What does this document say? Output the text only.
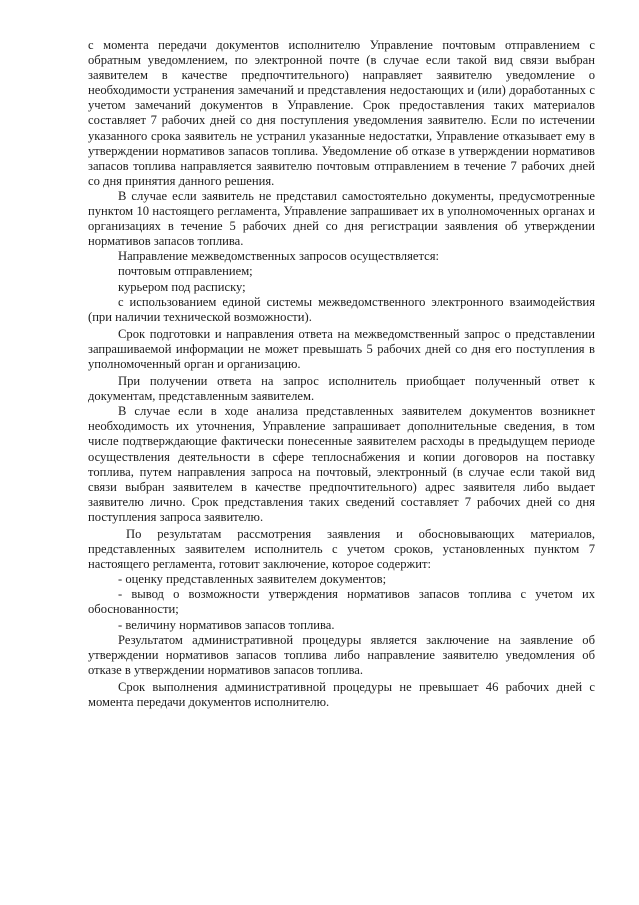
с момента передачи документов исполнителю Управление почтовым отправлением с обратным уведомлением, по электронной почте (в случае если такой вид связи выбран заявителем в качестве предпочтительного) направляет заявителю уведомление о необходимости устранения замечаний и представления недостающих и (или) доработанных с учетом замечаний документов в Управление. Срок предоставления таких материалов составляет 7 рабочих дней со дня поступления уведомления заявителю. Если по истечении указанного срока заявитель не устранил указанные недостатки, Управление отказывает ему в утверждении нормативов запасов топлива. Уведомление об отказе в утверждении нормативов запасов топлива направляется заявителю почтовым отправлением в течение 7 рабочих дней со дня принятия данного решения.

В случае если заявитель не представил самостоятельно документы, предусмотренные пунктом 10 настоящего регламента, Управление запрашивает их в уполномоченных органах и организациях в течение 5 рабочих дней со дня регистрации заявления об утверждении нормативов запасов топлива.

Направление межведомственных запросов осуществляется:

почтовым отправлением;

курьером под расписку;

с использованием единой системы межведомственного электронного взаимодействия (при наличии технической возможности).

Срок подготовки и направления ответа на межведомственный запрос о представлении запрашиваемой информации не может превышать 5 рабочих дней со дня его поступления в уполномоченный орган и организацию.

При получении ответа на запрос исполнитель приобщает полученный ответ к документам, представленным заявителем.

В случае если в ходе анализа представленных заявителем документов возникнет необходимость их уточнения, Управление запрашивает дополнительные сведения, в том числе подтверждающие фактически понесенные заявителем расходы в предыдущем периоде осуществления деятельности в сфере теплоснабжения и копии договоров на поставку топлива, путем направления запроса на почтовый, электронный (в случае если такой вид связи выбран заявителем в качестве предпочтительного) адрес заявителя либо выдает заявителю лично. Срок представления таких сведений составляет 7 рабочих дней со дня поступления запроса заявителю.

По результатам рассмотрения заявления и обосновывающих материалов, представленных заявителем исполнитель с учетом сроков, установленных пунктом 7 настоящего регламента, готовит заключение, которое содержит:

- оценку представленных заявителем документов;

- вывод о возможности утверждения нормативов запасов топлива с учетом их обоснованности;

- величину нормативов запасов топлива.

Результатом административной процедуры является заключение на заявление об утверждении нормативов запасов топлива либо направление заявителю уведомления об отказе в утверждении нормативов запасов топлива.

Срок выполнения административной процедуры не превышает 46 рабочих дней с момента передачи документов исполнителю.
